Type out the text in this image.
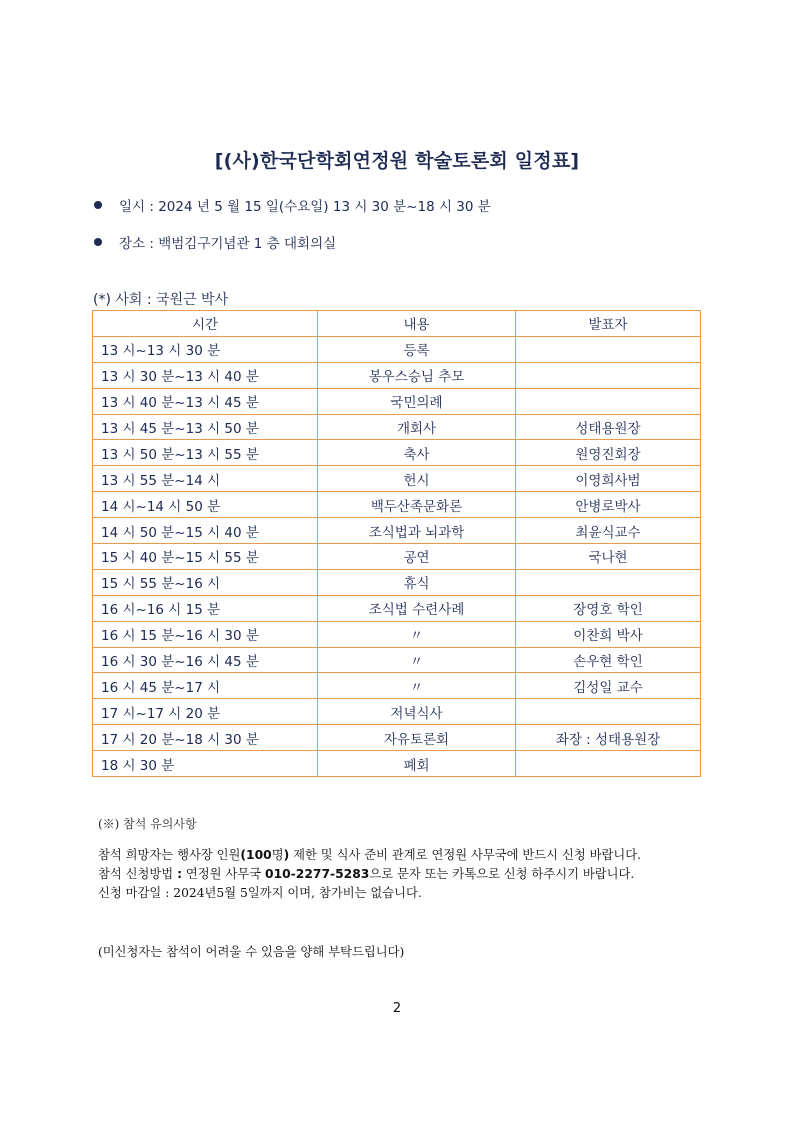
[(사)한국단학회연정원 학술토론회 일정표]
일시 : 2024 년 5 월 15 일(수요일) 13 시 30 분~18 시 30 분
장소 : 백범김구기념관 1 층 대회의실
(*) 사회 : 국원근 박사
시간	내용	발표자
13 시~13 시 30 분	등록	
13 시 30 분~13 시 40 분	봉우스승님 추모	
13 시 40 분~13 시 45 분	국민의례	
13 시 45 분~13 시 50 분	개회사	성태용원장
13 시 50 분~13 시 55 분	축사	원영진회장
13 시 55 분~14 시	헌시	이영희사범
14 시~14 시 50 분	백두산족문화론	안병로박사
14 시 50 분~15 시 40 분	조식법과 뇌과학	최윤식교수
15 시 40 분~15 시 55 분	공연	국나현
15 시 55 분~16 시	휴식	
16 시~16 시 15 분	조식법 수련사례	장영호 학인
16 시 15 분~16 시 30 분	〃	이찬희 박사
16 시 30 분~16 시 45 분	〃	손우현 학인
16 시 45 분~17 시	〃	김성일 교수
17 시~17 시 20 분	저녁식사	
17 시 20 분~18 시 30 분	자유토론회	좌장 : 성태용원장
18 시 30 분	폐회	
(※) 참석 유의사항
참석 희망자는 행사장 인원(100명) 제한 및 식사 준비 관계로 연정원 사무국에 반드시 신청 바랍니다.
참석 신청방법 : 연정원 사무국 010-2277-5283으로 문자 또는 카톡으로 신청 하주시기 바랍니다.
신청 마감일 : 2024년5월 5일까지 이며, 참가비는 없습니다.
(미신청자는 참석이 어려울 수 있음을 양해 부탁드립니다)
2
